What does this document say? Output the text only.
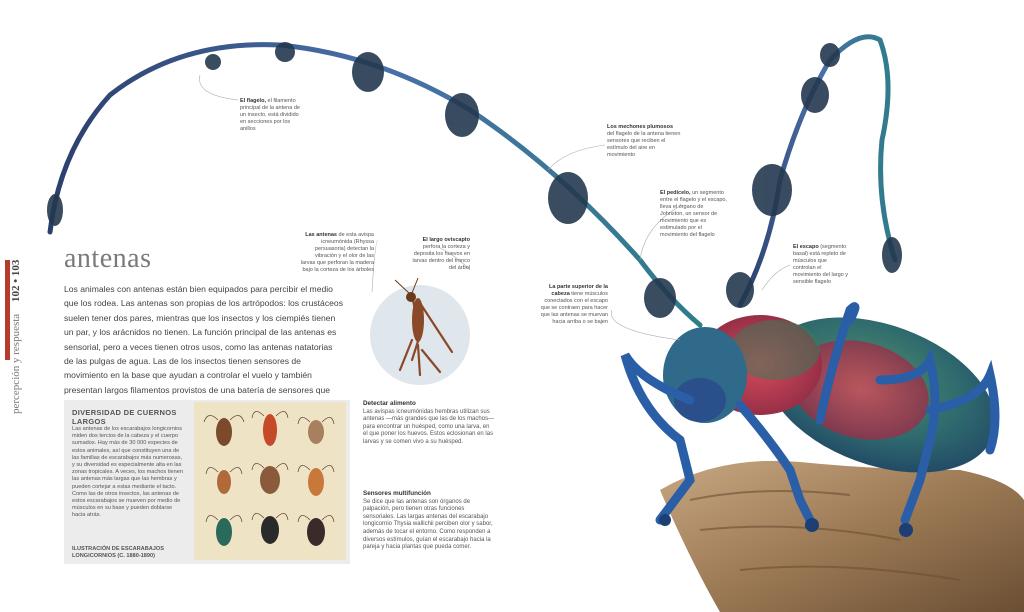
102 • 103
percepción y respuesta
antenas
Los animales con antenas están bien equipados para percibir el medio que los rodea. Las antenas son propias de los artrópodos: los crustáceos suelen tener dos pares, mientras que los insectos y los ciempiés tienen un par, y los arácnidos no tienen. La función principal de las antenas es sensorial, pero a veces tienen otros usos, como las antenas natatorias de las pulgas de agua. Las de los insectos tienen sensores de movimiento en la base que ayudan a controlar el vuelo y también presentan largos filamentos provistos de una batería de sensores que
DIVERSIDAD DE CUERNOS LARGOS
Las antenas de los escarabajos longicornios miden dos tercios de la cabeza y el cuerpo sumados. Hay más de 30 000 especies de estos animales, así que constituyen una de las familias de escarabajos más numerosas, y su diversidad es especialmente alta en las zonas tropicales. A veces, los machos tienen las antenas más largas que las hembras y pueden cortejar a estas mediante el tacto. Como las de otros insectos, las antenas de estos escarabajos se mueven por medio de músculos en su base y pueden doblarse hacia atrás.
ILUSTRACIÓN DE ESCARABAJOS LONGICORNIOS (C. 1880-1890)
Detectar alimento
Las avispas icneumónidas hembras utilizan sus antenas —más grandes que las de los machos— para encontrar un huésped, como una larva, en el que poner los huevos. Estos eclosionan en las larvas y se comen vivo a su huésped.
Sensores multifunción
Se dice que las antenas son órganos de palpación, pero tienen otras funciones sensoriales. Las largas antenas del escarabajo longicornio Thysia wallichii perciben olor y sabor, además de tocar el entorno. Como responden a diversos estímulos, guían el escarabajo hacia la pareja y hacia plantas que pueda comer.
El flagelo, el filamento principal de la antena de un insecto, está dividido en secciones por los anillos	Los mechones plumosos del flagelo de la antena tienen sensores que reciben el estímulo del aire en movimiento
El pedicelo, un segmento entre el flagelo y el escapo, lleva el órgano de Johnston, un sensor de movimiento que es estimulado por el movimiento del flagelo
El escapo (segmento basal) está repleto de músculos que controlan el movimiento del largo y sensible flagelo
Las antenas de esta avispa icneumónida (Rhyssa persuasoria) detectan la vibración y el olor de las larvas que perforan la madera bajo la corteza de los árboles
El largo oviscapto perfora la corteza y deposita los huevos en larvas dentro del tronco del árbol
La parte superior de la cabeza tiene músculos conectados con el escapo que se contraen para hacer que las antenas se muevan hacia arriba o se bajen
